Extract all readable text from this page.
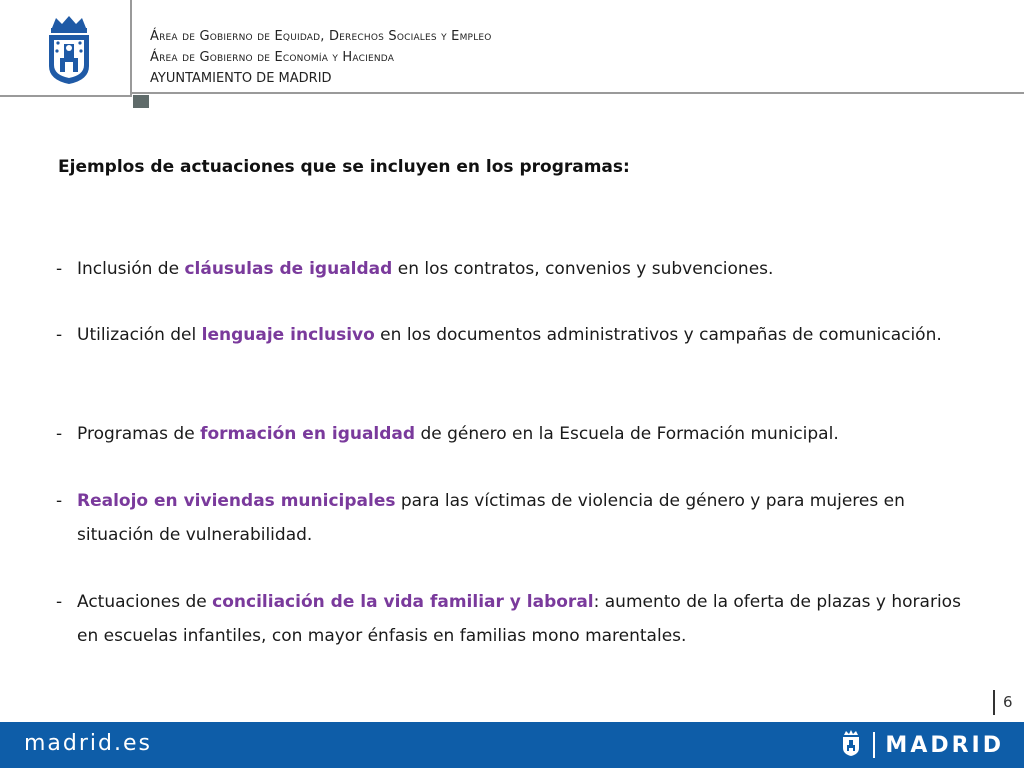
Área de Gobierno de Equidad, Derechos Sociales y Empleo
Área de Gobierno de Economía y Hacienda
AYUNTAMIENTO DE MADRID
Ejemplos de actuaciones que se incluyen en los programas:
- Inclusión de cláusulas de igualdad en los contratos, convenios y subvenciones.
- Utilización del lenguaje inclusivo en los documentos administrativos y campañas de comunicación.
- Programas de formación en igualdad de género en la Escuela de Formación municipal.
- Realojo en viviendas municipales para las víctimas de violencia de género y para mujeres en situación de vulnerabilidad.
- Actuaciones de conciliación de la vida familiar y laboral: aumento de la oferta de plazas y horarios en escuelas infantiles, con mayor énfasis en familias mono marentales.
6
madrid.es	MADRID
